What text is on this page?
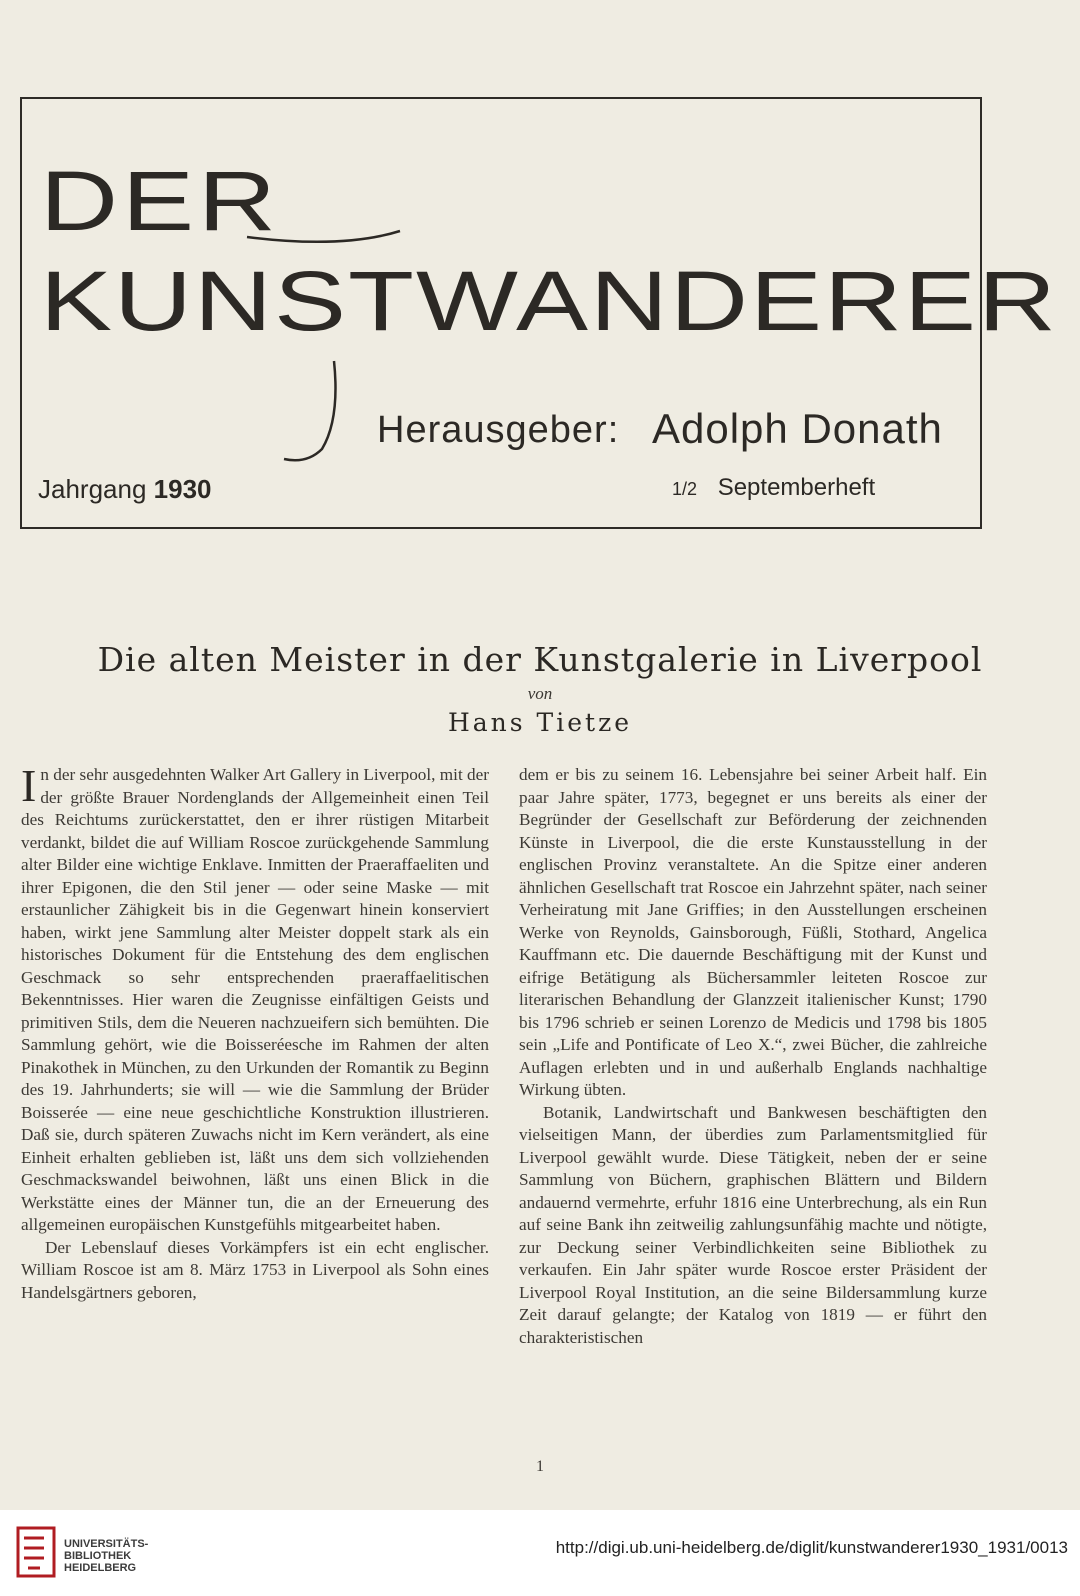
DER
KUNSTWANDERER
Herausgeber: Adolph Donath
Jahrgang 1930	1/2 Septemberheft
Die alten Meister in der Kunstgalerie in Liverpool
von
Hans Tietze

In der sehr ausgedehnten Walker Art Gallery in Liverpool, mit der der größte Brauer Nordenglands der Allgemeinheit einen Teil des Reichtums zurückerstattet, den er ihrer rüstigen Mitarbeit verdankt, bildet die auf William Roscoe zurückgehende Sammlung alter Bilder eine wichtige Enklave. Inmitten der Praeraffaeliten und ihrer Epigonen, die den Stil jener — oder seine Maske — mit erstaunlicher Zähigkeit bis in die Gegenwart hinein konserviert haben, wirkt jene Sammlung alter Meister doppelt stark als ein historisches Dokument für die Entstehung des dem englischen Geschmack so sehr entsprechenden praeraffaelitischen Bekenntnisses. Hier waren die Zeugnisse einfältigen Geists und primitiven Stils, dem die Neueren nachzueifern sich bemühten. Die Sammlung gehört, wie die Boisseréesche im Rahmen der alten Pinakothek in München, zu den Urkunden der Romantik zu Beginn des 19. Jahrhunderts; sie will — wie die Sammlung der Brüder Boisserée — eine neue geschichtliche Konstruktion illustrieren. Daß sie, durch späteren Zuwachs nicht im Kern verändert, als eine Einheit erhalten geblieben ist, läßt uns dem sich vollziehenden Geschmackswandel beiwohnen, läßt uns einen Blick in die Werkstätte eines der Männer tun, die an der Erneuerung des allgemeinen europäischen Kunstgefühls mitgearbeitet haben.

Der Lebenslauf dieses Vorkämpfers ist ein echt englischer. William Roscoe ist am 8. März 1753 in Liverpool als Sohn eines Handelsgärtners geboren,

dem er bis zu seinem 16. Lebensjahre bei seiner Arbeit half. Ein paar Jahre später, 1773, begegnet er uns bereits als einer der Begründer der Gesellschaft zur Beförderung der zeichnenden Künste in Liverpool, die die erste Kunstausstellung in der englischen Provinz veranstaltete. An die Spitze einer anderen ähnlichen Gesellschaft trat Roscoe ein Jahrzehnt später, nach seiner Verheiratung mit Jane Griffies; in den Ausstellungen erscheinen Werke von Reynolds, Gainsborough, Füßli, Stothard, Angelica Kauffmann etc. Die dauernde Beschäftigung mit der Kunst und eifrige Betätigung als Büchersammler leiteten Roscoe zur literarischen Behandlung der Glanzzeit italienischer Kunst; 1790 bis 1796 schrieb er seinen Lorenzo de Medicis und 1798 bis 1805 sein „Life and Pontificate of Leo X.“, zwei Bücher, die zahlreiche Auflagen erlebten und in und außerhalb Englands nachhaltige Wirkung übten.

Botanik, Landwirtschaft und Bankwesen beschäftigten den vielseitigen Mann, der überdies zum Parlamentsmitglied für Liverpool gewählt wurde. Diese Tätigkeit, neben der er seine Sammlung von Büchern, graphischen Blättern und Bildern andauernd vermehrte, erfuhr 1816 eine Unterbrechung, als ein Run auf seine Bank ihn zeitweilig zahlungsunfähig machte und nötigte, zur Deckung seiner Verbindlichkeiten seine Bibliothek zu verkaufen. Ein Jahr später wurde Roscoe erster Präsident der Liverpool Royal Institution, an die seine Bildersammlung kurze Zeit darauf gelangte; der Katalog von 1819 — er führt den charakteristischen

1
UNIVERSITÄTS-
BIBLIOTHEK
HEIDELBERG
http://digi.ub.uni-heidelberg.de/diglit/kunstwanderer1930_1931/0013
